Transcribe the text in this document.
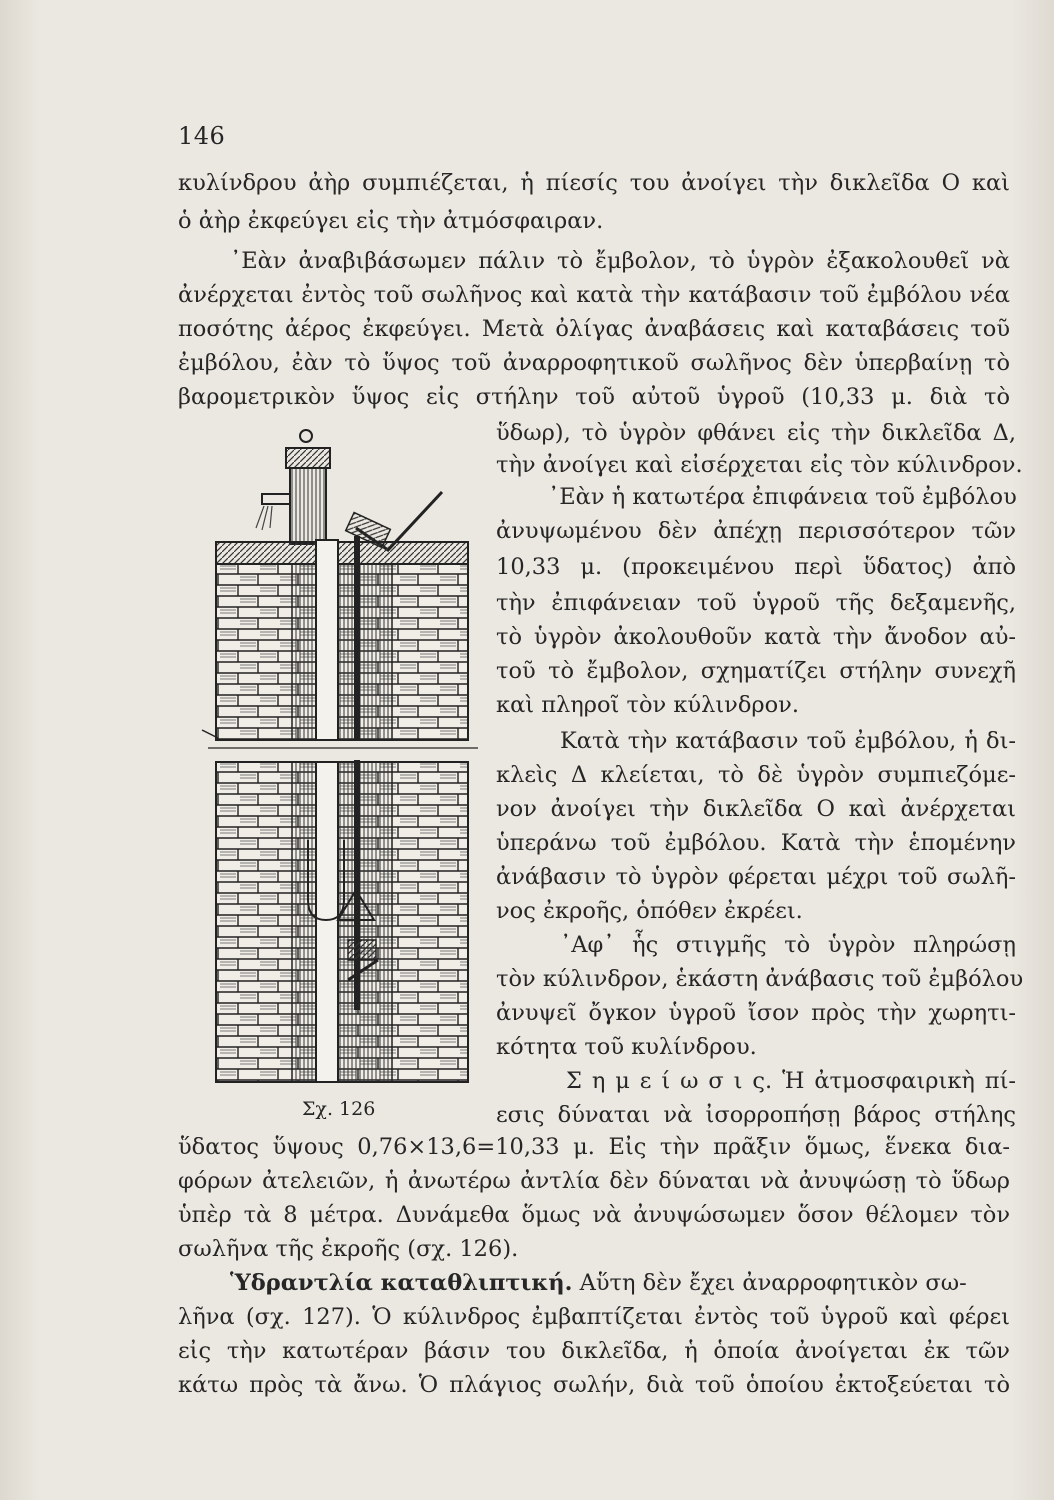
146
κυλίνδρου ἀὴρ συμπιέζεται, ἡ πίεσίς του ἀνοίγει τὴν δικλεῖδα Ο καὶ
ὁ ἀὴρ ἐκφεύγει εἰς τὴν ἀτμόσφαιραν.
᾽Εὰν ἀναβιβάσωμεν πάλιν τὸ ἔμβολον, τὸ ὑγρὸν ἐξακολουθεῖ νὰ
ἀνέρχεται ἐντὸς τοῦ σωλῆνος καὶ κατὰ τὴν κατάβασιν τοῦ ἐμβόλου νέα
ποσότης ἀέρος ἐκφεύγει. Μετὰ ὀλίγας ἀναβάσεις καὶ καταβάσεις τοῦ
ἐμβόλου, ἐὰν τὸ ὕψος τοῦ ἀναρροφητικοῦ σωλῆνος δὲν ὑπερβαίνῃ τὸ
βαρομετρικὸν ὕψος εἰς στήλην τοῦ αὐτοῦ ὑγροῦ (10,33 μ. διὰ τὸ
ὕδωρ), τὸ ὑγρὸν φθάνει εἰς τὴν δικλεῖδα Δ,
τὴν ἀνοίγει καὶ εἰσέρχεται εἰς τὸν κύλινδρον.
᾽Εὰν ἡ κατωτέρα ἐπιφάνεια τοῦ ἐμβόλου
ἀνυψωμένου δὲν ἀπέχῃ περισσότερον τῶν
10,33 μ. (προκειμένου περὶ ὕδατος) ἀπὸ
τὴν ἐπιφάνειαν τοῦ ὑγροῦ τῆς δεξαμενῆς,
τὸ ὑγρὸν ἀκολουθοῦν κατὰ τὴν ἄνοδον αὐ-
τοῦ τὸ ἔμβολον, σχηματίζει στήλην συνεχῆ
καὶ πληροῖ τὸν κύλινδρον.
Κατὰ τὴν κατάβασιν τοῦ ἐμβόλου, ἡ δι-
κλεὶς Δ κλείεται, τὸ δὲ ὑγρὸν συμπιεζόμε-
νον ἀνοίγει τὴν δικλεῖδα Ο καὶ ἀνέρχεται
ὑπεράνω τοῦ ἐμβόλου. Κατὰ τὴν ἑπομένην
ἀνάβασιν τὸ ὑγρὸν φέρεται μέχρι τοῦ σωλῆ-
νος ἐκροῆς, ὁπόθεν ἐκρέει.
᾽Αφ᾽ ἧς στιγμῆς τὸ ὑγρὸν πληρώσῃ
τὸν κύλινδρον, ἑκάστη ἀνάβασις τοῦ ἐμβόλου
ἀνυψεῖ ὄγκον ὑγροῦ ἴσον πρὸς τὴν χωρητι-
κότητα τοῦ κυλίνδρου.
Σ η μ ε ί ω σ ι ς. Ἡ ἀτμοσφαιρικὴ πί-
εσις δύναται νὰ ἰσορροπήσῃ βάρος στήλης
Σχ. 126
ὕδατος ὕψους 0,76×13,6=10,33 μ. Εἰς τὴν πρᾶξιν ὅμως, ἕνεκα δια-
φόρων ἀτελειῶν, ἡ ἀνωτέρω ἀντλία δὲν δύναται νὰ ἀνυψώσῃ τὸ ὕδωρ
ὑπὲρ τὰ 8 μέτρα. Δυνάμεθα ὅμως νὰ ἀνυψώσωμεν ὅσον θέλομεν τὸν
σωλῆνα τῆς ἐκροῆς (σχ. 126).
Ὑδραντλία καταθλιπτική. Αὕτη δὲν ἔχει ἀναρροφητικὸν σω-
λῆνα (σχ. 127). Ὁ κύλινδρος ἐμβαπτίζεται ἐντὸς τοῦ ὑγροῦ καὶ φέρει
εἰς τὴν κατωτέραν βάσιν του δικλεῖδα, ἡ ὁποία ἀνοίγεται ἐκ τῶν
κάτω πρὸς τὰ ἄνω. Ὁ πλάγιος σωλήν, διὰ τοῦ ὁποίου ἐκτοξεύεται τὸ
